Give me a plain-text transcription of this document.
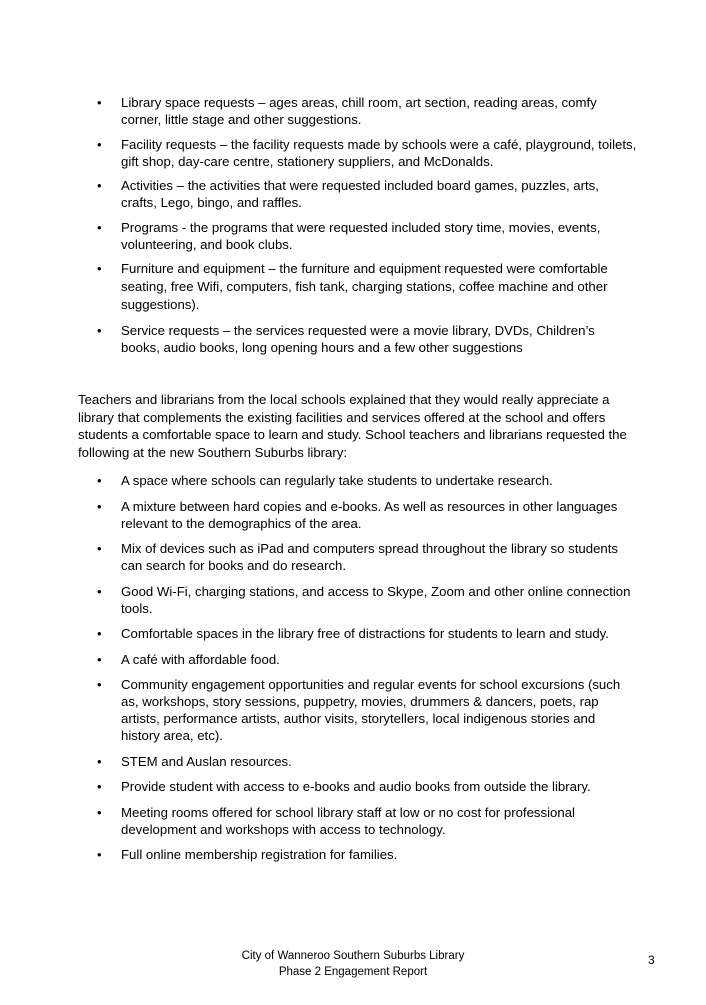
• Library space requests – ages areas, chill room, art section, reading areas, comfy corner, little stage and other suggestions.
• Facility requests – the facility requests made by schools were a café, playground, toilets, gift shop, day-care centre, stationery suppliers, and McDonalds.
• Activities – the activities that were requested included board games, puzzles, arts, crafts, Lego, bingo, and raffles.
• Programs - the programs that were requested included story time, movies, events, volunteering, and book clubs.
• Furniture and equipment – the furniture and equipment requested were comfortable seating, free Wifi, computers, fish tank, charging stations, coffee machine and other suggestions).
• Service requests – the services requested were a movie library, DVDs, Children’s books, audio books, long opening hours and a few other suggestions

Teachers and librarians from the local schools explained that they would really appreciate a library that complements the existing facilities and services offered at the school and offers students a comfortable space to learn and study. School teachers and librarians requested the following at the new Southern Suburbs library:

• A space where schools can regularly take students to undertake research.
• A mixture between hard copies and e-books. As well as resources in other languages relevant to the demographics of the area.
• Mix of devices such as iPad and computers spread throughout the library so students can search for books and do research.
• Good Wi-Fi, charging stations, and access to Skype, Zoom and other online connection tools.
• Comfortable spaces in the library free of distractions for students to learn and study.
• A café with affordable food.
• Community engagement opportunities and regular events for school excursions (such as, workshops, story sessions, puppetry, movies, drummers & dancers, poets, rap artists, performance artists, author visits, storytellers, local indigenous stories and history area, etc).
• STEM and Auslan resources.
• Provide student with access to e-books and audio books from outside the library.
• Meeting rooms offered for school library staff at low or no cost for professional development and workshops with access to technology.
• Full online membership registration for families.
City of Wanneroo Southern Suburbs Library
Phase 2 Engagement Report
3
